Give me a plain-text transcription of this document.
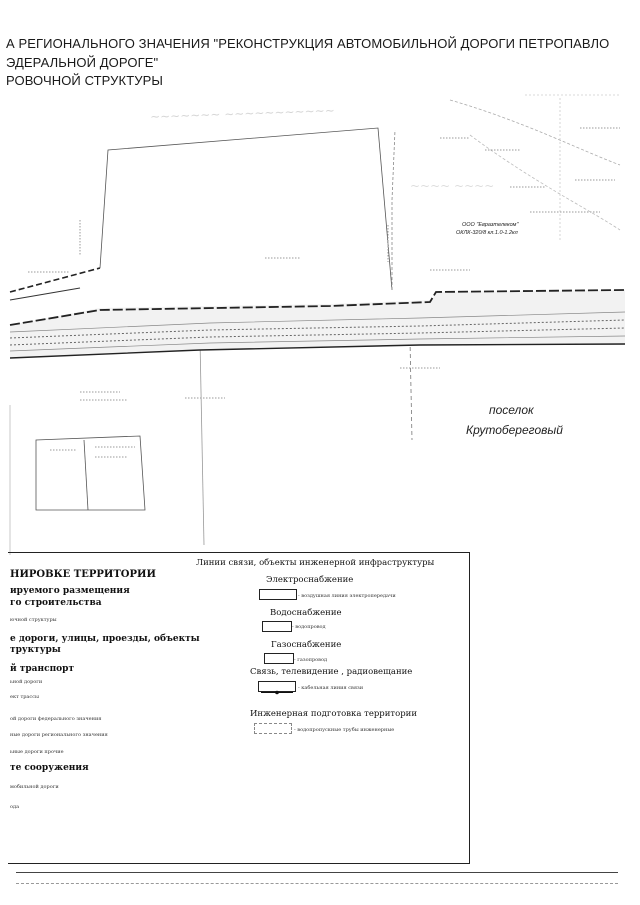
А РЕГИОНАЛЬНОГО ЗНАЧЕНИЯ "РЕКОНСТРУКЦИЯ АВТОМОБИЛЬНОЙ ДОРОГИ ПЕТРОПАВЛО
ЭДЕРАЛЬНОЙ ДОРОГЕ"
РОВОЧНОЙ СТРУКТУРЫ
~~~~~~~ ~~~~~~~~~~~
~~~~ ~~~~
ООО "Евразтелеком"
ОКЛК-320/8 кл.1.0-1.2кл
поселок
Крутобереговый
НИРОВКЕ ТЕРРИТОРИИ
ируемого размещения
го строительства
ючной структуры
е дороги, улицы, проезды, объекты
труктуры
й транспорт
ьной дороги
ект трассы
ой дороги федерального значения
ные дороги регионального значения
ьные дороги прочие
те сооружения
мобильной дороги
ода
Линии связи, объекты инженерной инфраструктуры
Электроснабжение
- воздушная линия электропередачи
Водоснабжение
- водопровод
Газоснабжение
- газопровод
Связь, телевидение , радиовещание
- кабельная линия связи
Инженерная подготовка территории
- водопропускные трубы инженерные
